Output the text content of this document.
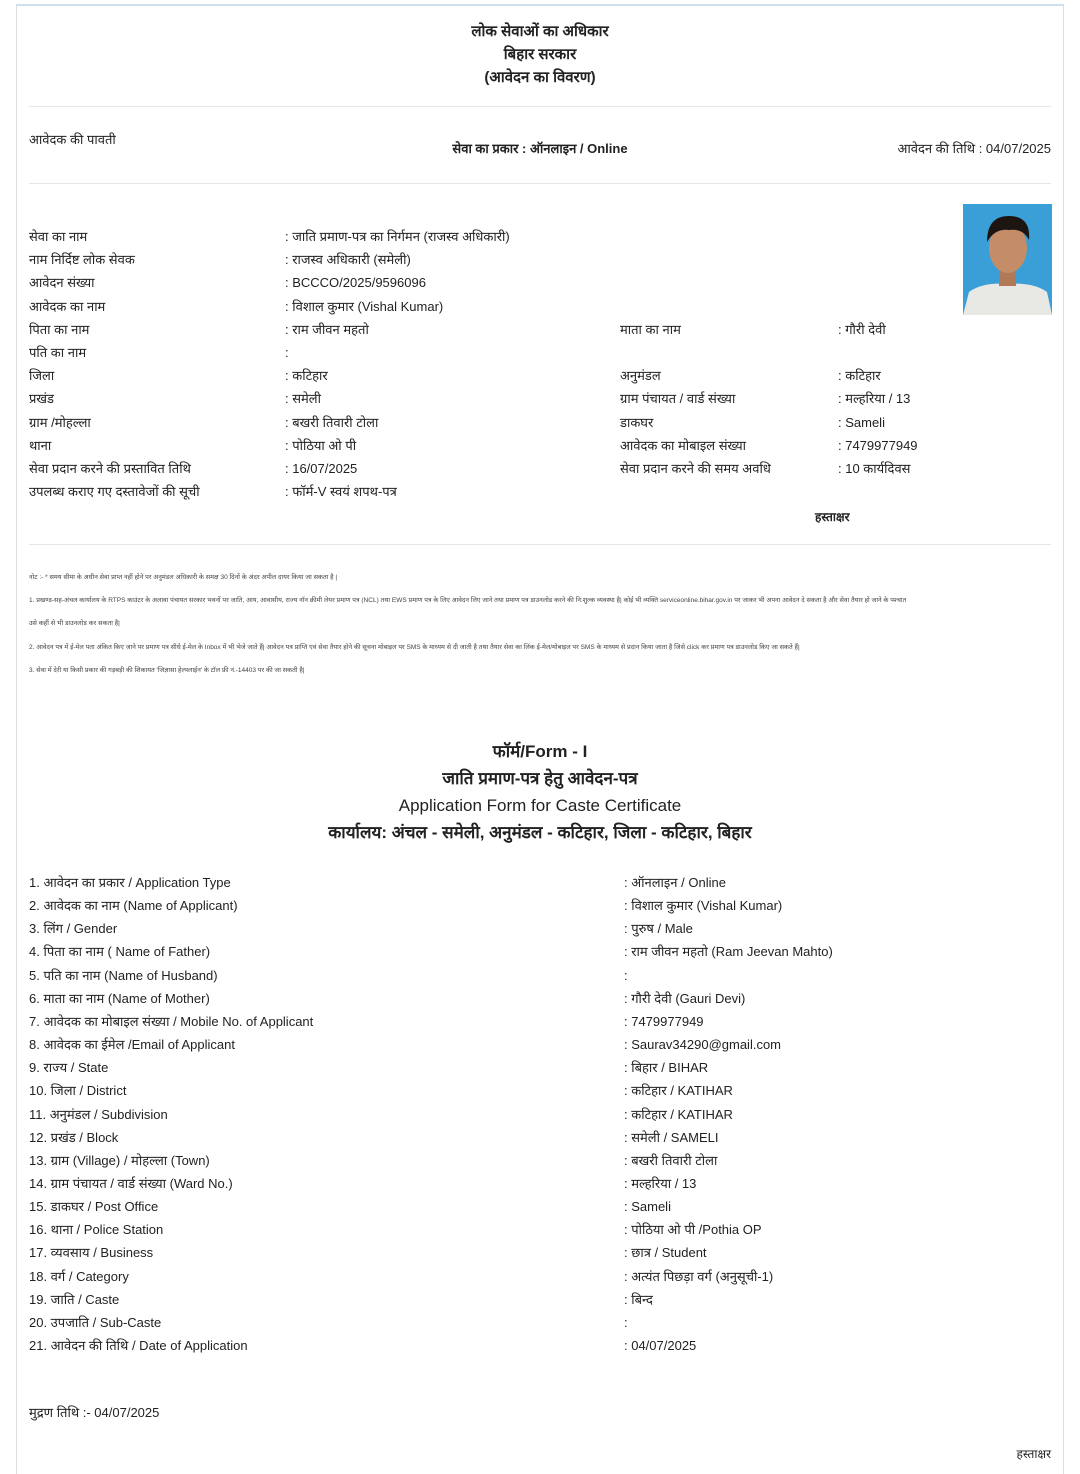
लोक सेवाओं का अधिकार
बिहार सरकार
(आवेदन का विवरण)
आवेदक की पावती
सेवा का प्रकार : ऑनलाइन / Online	आवेदन की तिथि : 04/07/2025
सेवा का नाम	: जाति प्रमाण-पत्र का निर्गमन (राजस्व अधिकारी)
नाम निर्दिष्ट लोक सेवक	: राजस्व अधिकारी (समेली)
आवेदन संख्या	: BCCCO/2025/9596096
आवेदक का नाम	: विशाल कुमार (Vishal Kumar)
पिता का नाम	: राम जीवन महतो	माता का नाम	: गौरी देवी
पति का नाम	:
जिला	: कटिहार	अनुमंडल	: कटिहार
प्रखंड	: समेली	ग्राम पंचायत / वार्ड संख्या	: मल्हरिया / 13
ग्राम /मोहल्ला	: बखरी तिवारी टोला	डाकघर	: Sameli
थाना	: पोठिया ओ पी	आवेदक का मोबाइल संख्या	: 7479977949
सेवा प्रदान करने की प्रस्तावित तिथि	: 16/07/2025	सेवा प्रदान करने की समय अवधि	: 10 कार्यदिवस
उपलब्ध कराए गए दस्तावेजों की सूची	: फॉर्म-V स्वयं शपथ-पत्र
हस्ताक्षर
नोट :- * समय सीमा के अधीन सेवा प्राप्त नहीं होने पर अनुमंडल अधिकारी के समक्ष 30 दिनों के अंदर अपील दायर किया जा सकता है |
1. प्रखण्ड-सह-अंचल कार्यालय के RTPS काउंटर के अलावा पंचायत सरकार भवनों पर जाति, आय, आवासीय, राज्य नॉन क्रीमी लेयर प्रमाण पत्र (NCL) तथा EWS प्रमाण पत्र के लिए आवेदन लिए जाने तथा प्रमाण पत्र डाउनलोड करने की नि:शुल्क व्यवस्था है| कोई भी व्यक्ति serviceonline.bihar.gov.in पर जाकर भी अपना आवेदन दे सकता है और सेवा तैयार हो जाने के पश्चात
उसे कहीं से भी डाउनलोड कर सकता है|
2. आवेदन पत्र में ई-मेल पता अंकित किए जाने पर प्रमाण पत्र सीधे ई-मेल के Inbox में भी भेजे जाते हैं| आवेदन पत्र प्राप्ति एवं सेवा तैयार होने की सूचना मोबाइल पर SMS के माध्यम से दी जाती है तथा तैयार सेवा का लिंक ई-मेल/मोबाइल पर SMS के माध्यम से प्रदान किया जाता है जिसे click कर प्रमाण पत्र डाउनलोड किए जा सकते हैं|
3. सेवा में देरी या किसी प्रकार की गड़बड़ी की शिकायत 'जिज्ञासा हेल्पलाईन' के टॉल फ्री नं.-14403 पर की जा सकती है|
फॉर्म/Form - I
जाति प्रमाण-पत्र हेतु आवेदन-पत्र
Application Form for Caste Certificate
कार्यालय: अंचल - समेली, अनुमंडल - कटिहार, जिला - कटिहार, बिहार
1. आवेदन का प्रकार / Application Type	: ऑनलाइन / Online
2. आवेदक का नाम (Name of Applicant)	: विशाल कुमार (Vishal Kumar)
3. लिंग / Gender	: पुरुष / Male
4. पिता का नाम ( Name of Father)	: राम जीवन महतो (Ram Jeevan Mahto)
5. पति का नाम (Name of Husband)	:
6. माता का नाम (Name of Mother)	: गौरी देवी (Gauri Devi)
7. आवेदक का मोबाइल संख्या / Mobile No. of Applicant	: 7479977949
8. आवेदक का ईमेल /Email of Applicant	: Saurav34290@gmail.com
9. राज्य / State	: बिहार / BIHAR
10. जिला / District	: कटिहार / KATIHAR
11. अनुमंडल / Subdivision	: कटिहार / KATIHAR
12. प्रखंड / Block	: समेली / SAMELI
13. ग्राम (Village) / मोहल्ला (Town)	: बखरी तिवारी टोला
14. ग्राम पंचायत / वार्ड संख्या (Ward No.)	: मल्हरिया / 13
15. डाकघर / Post Office	: Sameli
16. थाना / Police Station	: पोठिया ओ पी /Pothia OP
17. व्यवसाय / Business	: छात्र / Student
18. वर्ग / Category	: अत्यंत पिछड़ा वर्ग (अनुसूची-1)
19. जाति / Caste	: बिन्द
20. उपजाति / Sub-Caste	:
21. आवेदन की तिथि / Date of Application	: 04/07/2025
मुद्रण तिथि :- 04/07/2025
हस्ताक्षर
